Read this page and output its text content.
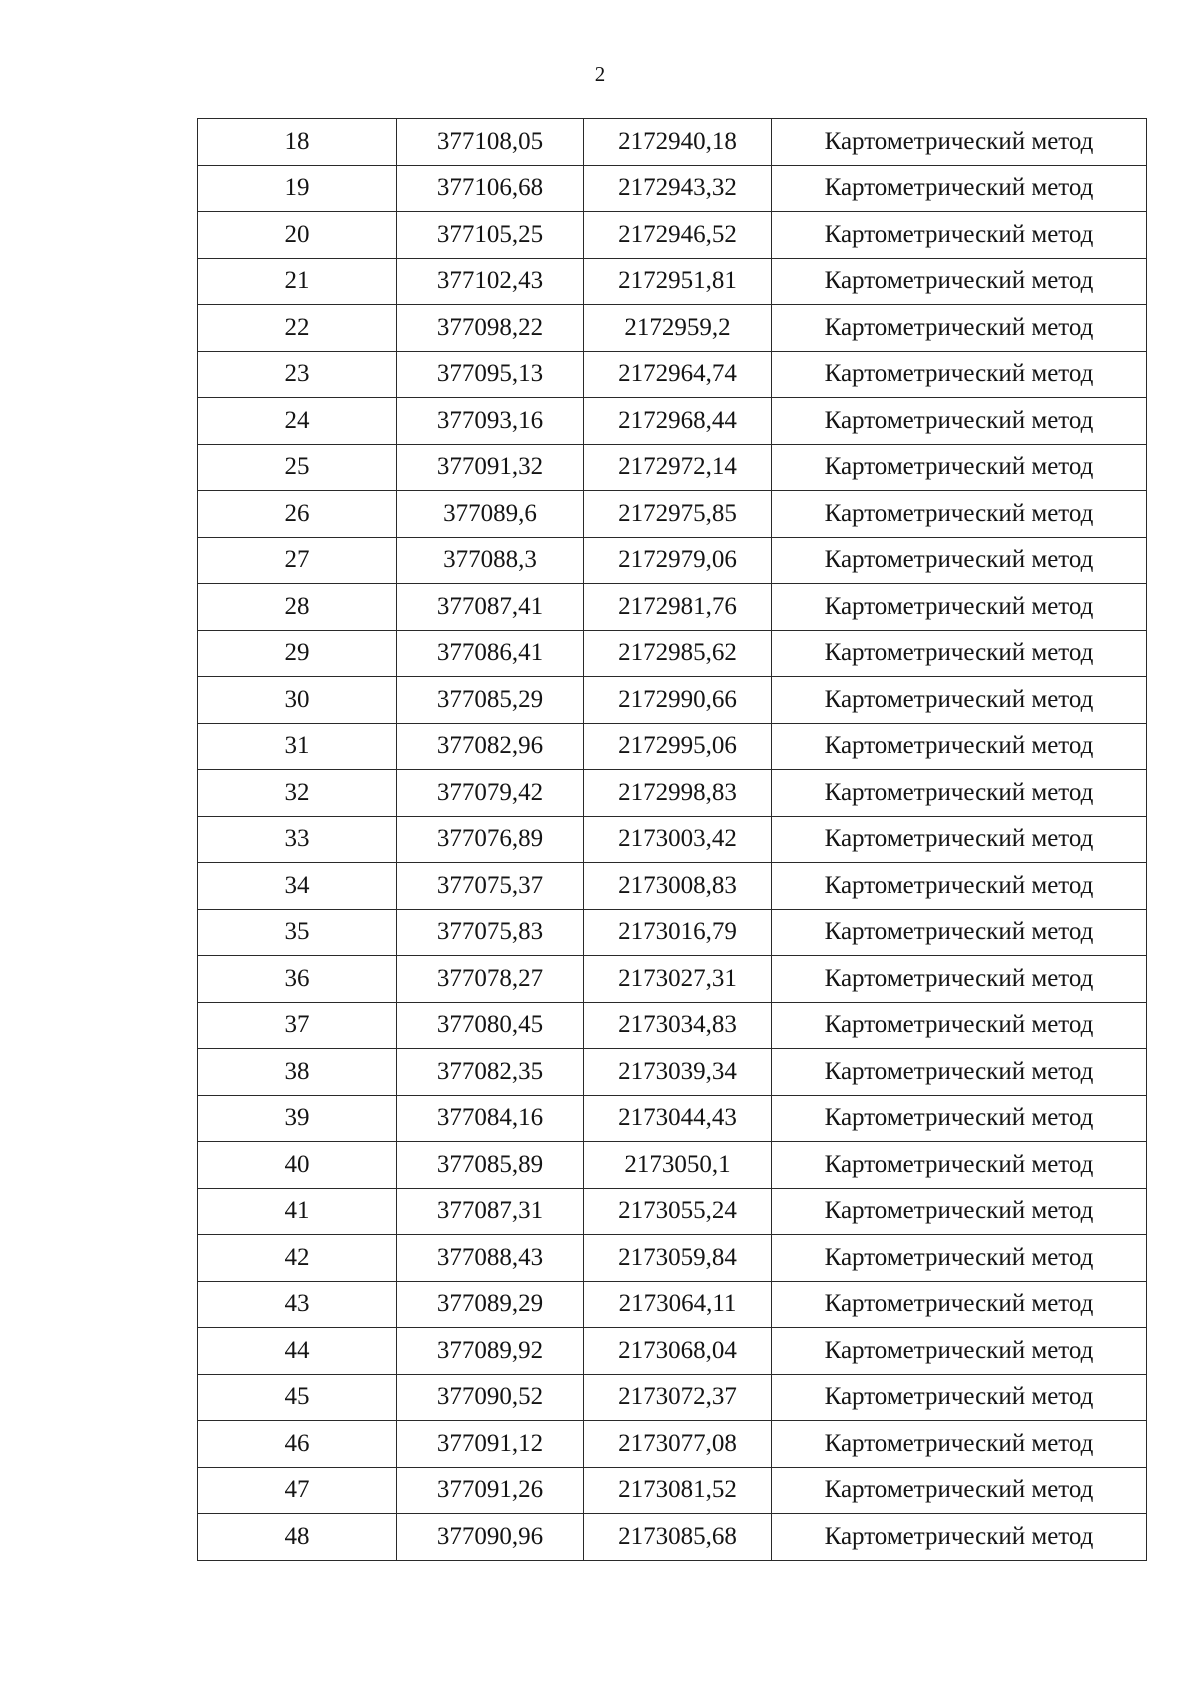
2
18	377108,05	2172940,18	Картометрический метод
19	377106,68	2172943,32	Картометрический метод
20	377105,25	2172946,52	Картометрический метод
21	377102,43	2172951,81	Картометрический метод
22	377098,22	2172959,2	Картометрический метод
23	377095,13	2172964,74	Картометрический метод
24	377093,16	2172968,44	Картометрический метод
25	377091,32	2172972,14	Картометрический метод
26	377089,6	2172975,85	Картометрический метод
27	377088,3	2172979,06	Картометрический метод
28	377087,41	2172981,76	Картометрический метод
29	377086,41	2172985,62	Картометрический метод
30	377085,29	2172990,66	Картометрический метод
31	377082,96	2172995,06	Картометрический метод
32	377079,42	2172998,83	Картометрический метод
33	377076,89	2173003,42	Картометрический метод
34	377075,37	2173008,83	Картометрический метод
35	377075,83	2173016,79	Картометрический метод
36	377078,27	2173027,31	Картометрический метод
37	377080,45	2173034,83	Картометрический метод
38	377082,35	2173039,34	Картометрический метод
39	377084,16	2173044,43	Картометрический метод
40	377085,89	2173050,1	Картометрический метод
41	377087,31	2173055,24	Картометрический метод
42	377088,43	2173059,84	Картометрический метод
43	377089,29	2173064,11	Картометрический метод
44	377089,92	2173068,04	Картометрический метод
45	377090,52	2173072,37	Картометрический метод
46	377091,12	2173077,08	Картометрический метод
47	377091,26	2173081,52	Картометрический метод
48	377090,96	2173085,68	Картометрический метод
